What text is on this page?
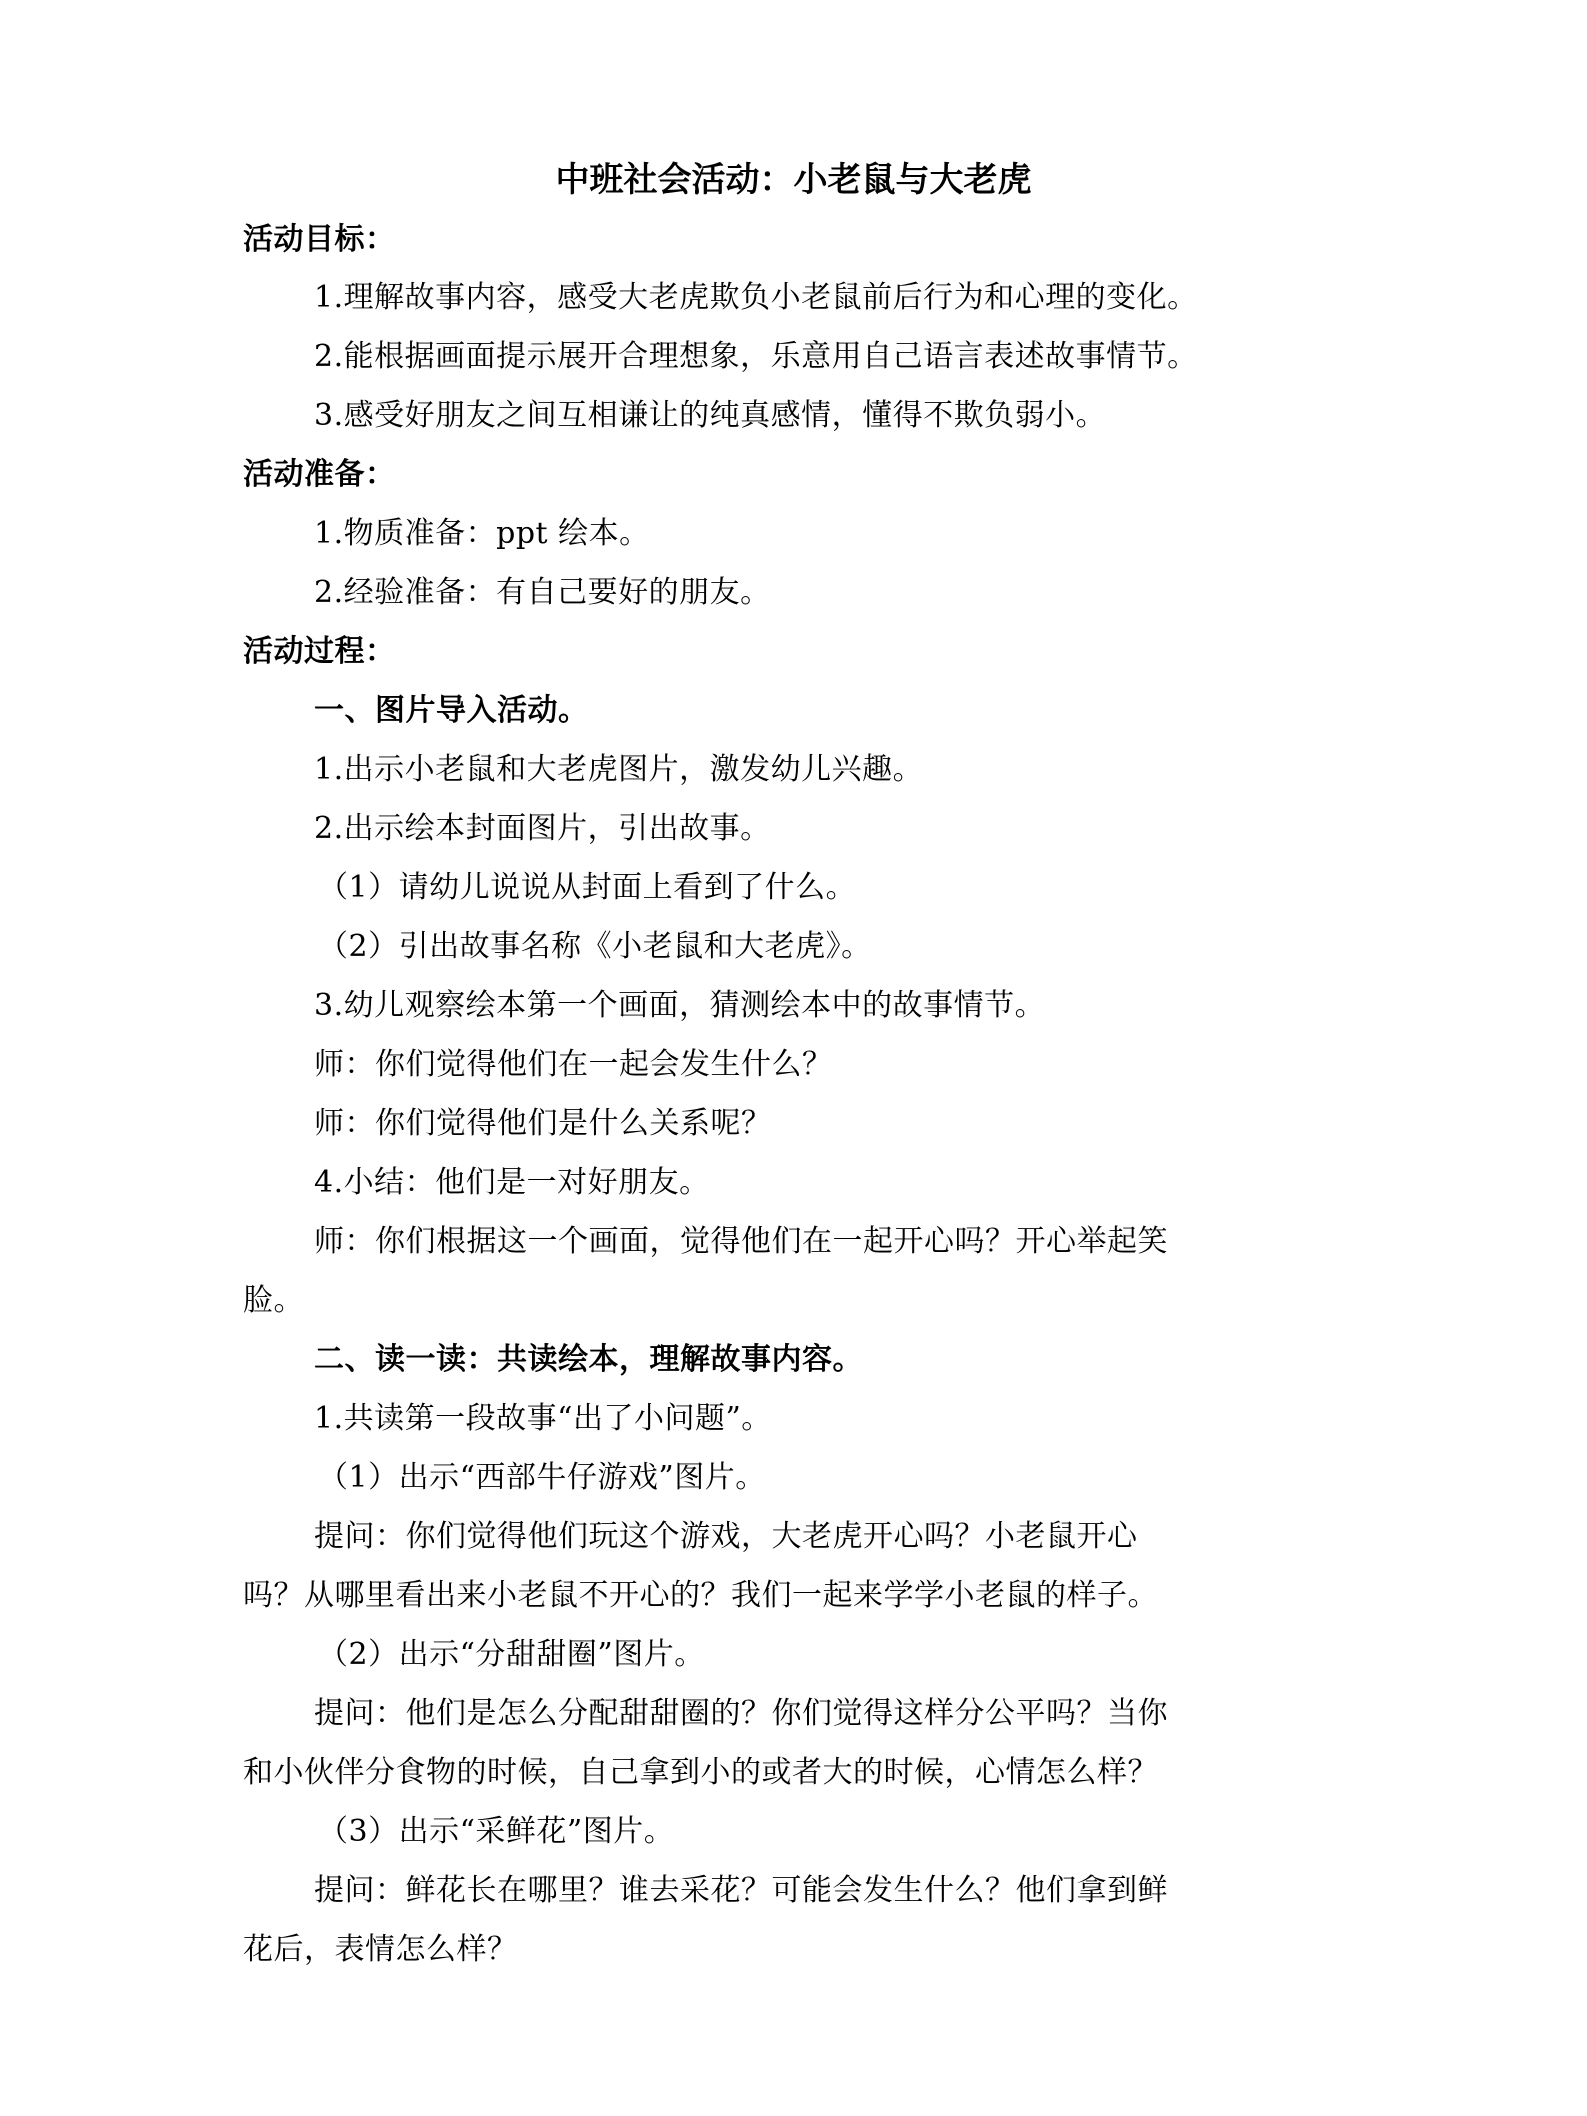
中班社会活动：小老鼠与大老虎
活动目标：
1.理解故事内容，感受大老虎欺负小老鼠前后行为和心理的变化。
2.能根据画面提示展开合理想象，乐意用自己语言表述故事情节。
3.感受好朋友之间互相谦让的纯真感情，懂得不欺负弱小。
活动准备：
1.物质准备：ppt 绘本。
2.经验准备：有自己要好的朋友。
活动过程：
一、图片导入活动。
1.出示小老鼠和大老虎图片，激发幼儿兴趣。
2.出示绘本封面图片，引出故事。
（1）请幼儿说说从封面上看到了什么。
（2）引出故事名称《小老鼠和大老虎》。
3.幼儿观察绘本第一个画面，猜测绘本中的故事情节。
师：你们觉得他们在一起会发生什么？
师：你们觉得他们是什么关系呢？
4.小结：他们是一对好朋友。
师：你们根据这一个画面，觉得他们在一起开心吗？开心举起笑
脸。
二、读一读：共读绘本，理解故事内容。
1.共读第一段故事“出了小问题”。
（1）出示“西部牛仔游戏”图片。
提问：你们觉得他们玩这个游戏，大老虎开心吗？小老鼠开心
吗？从哪里看出来小老鼠不开心的？我们一起来学学小老鼠的样子。
（2）出示“分甜甜圈”图片。
提问：他们是怎么分配甜甜圈的？你们觉得这样分公平吗？当你
和小伙伴分食物的时候，自己拿到小的或者大的时候，心情怎么样？
（3）出示“采鲜花”图片。
提问：鲜花长在哪里？谁去采花？可能会发生什么？他们拿到鲜
花后，表情怎么样？
